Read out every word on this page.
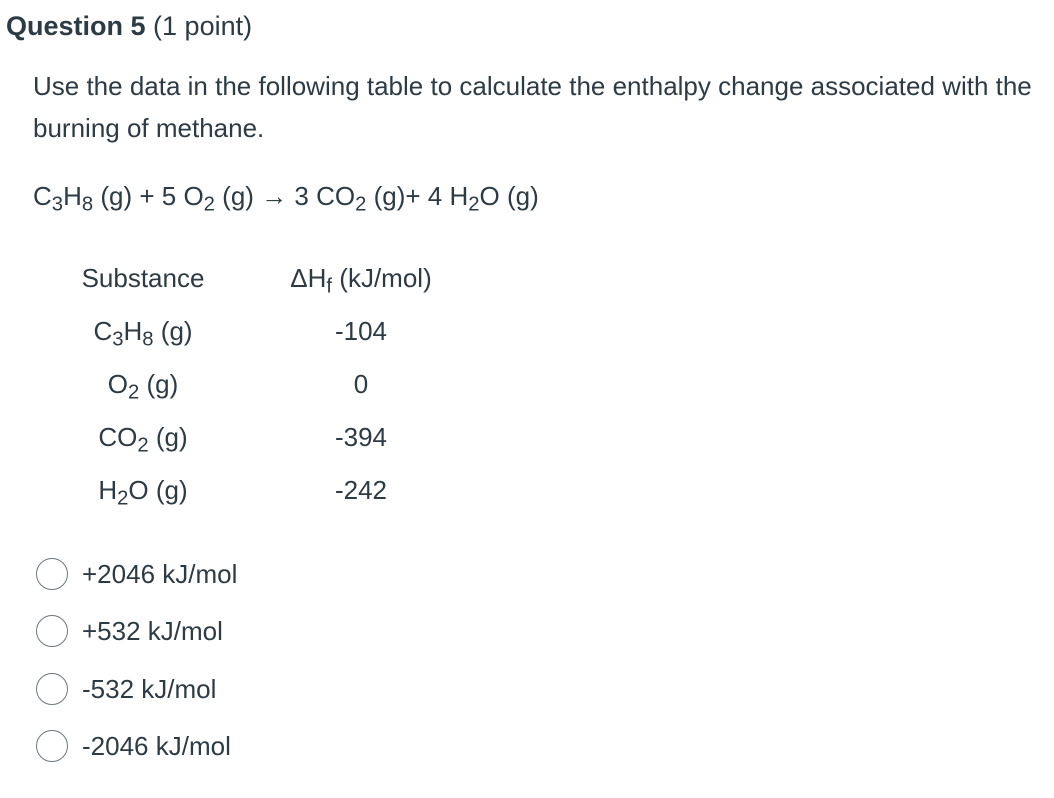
Question 5 (1 point)
Use the data in the following table to calculate the enthalpy change associated with the burning of methane.
$C_3H_8$ (g) + 5 $O_2$ (g) → 3 $CO_2$ (g)+ 4 $H_2O$ (g)
Substance		$\Delta H_f$ (kJ/mol)
$C_3H_8$ (g)		-104
$O_2$ (g)		0
$CO_2$ (g)		-394
$H_2O$ (g)		-242
+2046 kJ/mol
+532 kJ/mol
-532 kJ/mol
-2046 kJ/mol
